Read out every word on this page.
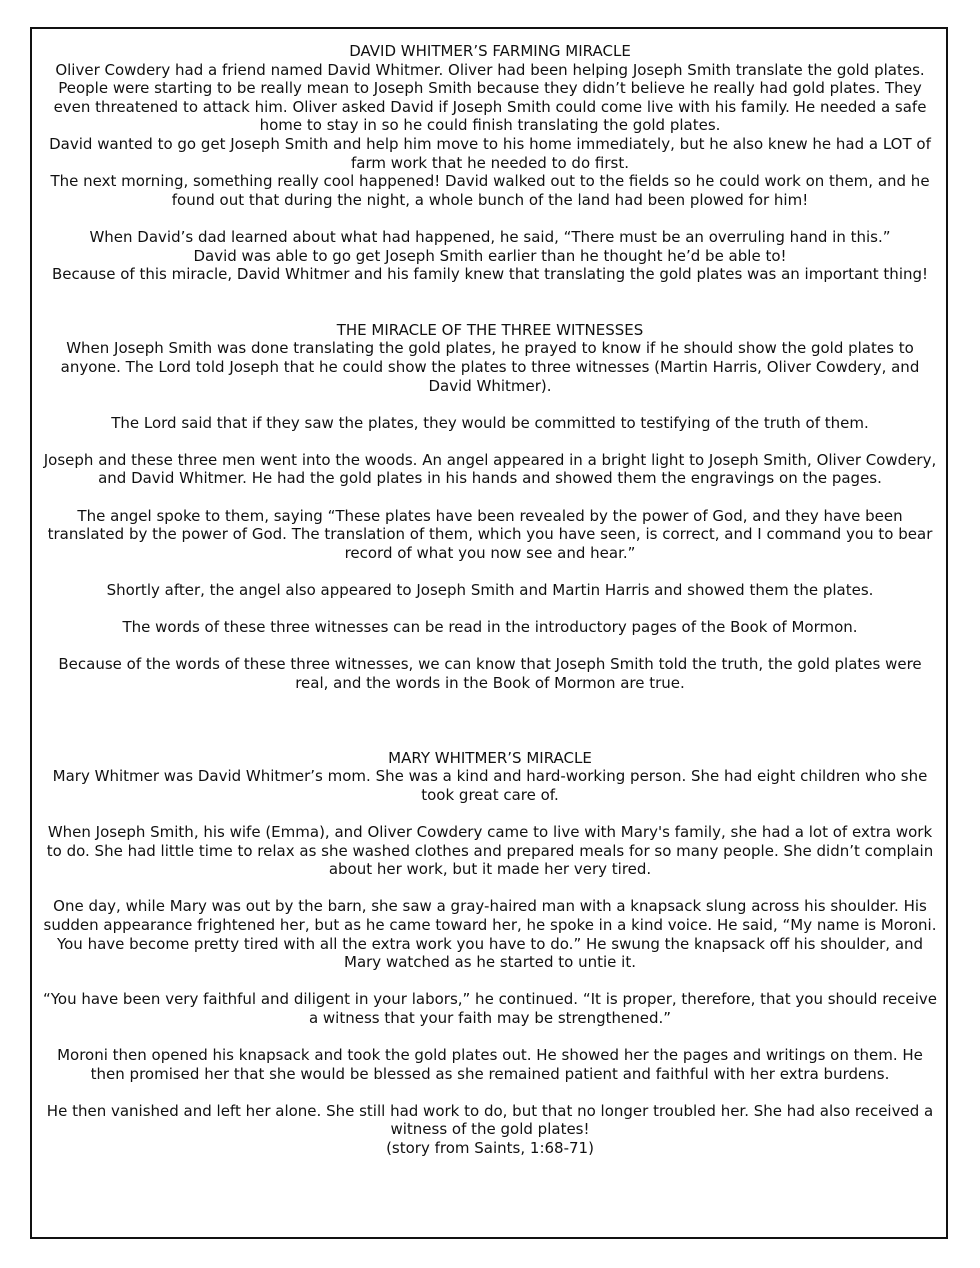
DAVID WHITMER’S FARMING MIRACLE

Oliver Cowdery had a friend named David Whitmer. Oliver had been helping Joseph Smith translate the gold plates. People were starting to be really mean to Joseph Smith because they didn’t believe he really had gold plates. They even threatened to attack him. Oliver asked David if Joseph Smith could come live with his family. He needed a safe home to stay in so he could finish translating the gold plates.

David wanted to go get Joseph Smith and help him move to his home immediately, but he also knew he had a LOT of farm work that he needed to do first.

The next morning, something really cool happened! David walked out to the fields so he could work on them, and he found out that during the night, a whole bunch of the land had been plowed for him!

When David’s dad learned about what had happened, he said, “There must be an overruling hand in this.”

David was able to go get Joseph Smith earlier than he thought he’d be able to!

Because of this miracle, David Whitmer and his family knew that translating the gold plates was an important thing!

THE MIRACLE OF THE THREE WITNESSES

When Joseph Smith was done translating the gold plates, he prayed to know if he should show the gold plates to anyone. The Lord told Joseph that he could show the plates to three witnesses (Martin Harris, Oliver Cowdery, and David Whitmer).

The Lord said that if they saw the plates, they would be committed to testifying of the truth of them.

Joseph and these three men went into the woods. An angel appeared in a bright light to Joseph Smith, Oliver Cowdery, and David Whitmer. He had the gold plates in his hands and showed them the engravings on the pages.

The angel spoke to them, saying “These plates have been revealed by the power of God, and they have been translated by the power of God. The translation of them, which you have seen, is correct, and I command you to bear record of what you now see and hear.”

Shortly after, the angel also appeared to Joseph Smith and Martin Harris and showed them the plates.

The words of these three witnesses can be read in the introductory pages of the Book of Mormon.

Because of the words of these three witnesses, we can know that Joseph Smith told the truth, the gold plates were real, and the words in the Book of Mormon are true.

MARY WHITMER’S MIRACLE

Mary Whitmer was David Whitmer’s mom. She was a kind and hard-working person. She had eight children who she took great care of.

When Joseph Smith, his wife (Emma), and Oliver Cowdery came to live with Mary's family, she had a lot of extra work to do. She had little time to relax as she washed clothes and prepared meals for so many people. She didn’t complain about her work, but it made her very tired.

One day, while Mary was out by the barn, she saw a gray-haired man with a knapsack slung across his shoulder. His sudden appearance frightened her, but as he came toward her, he spoke in a kind voice. He said, “My name is Moroni. You have become pretty tired with all the extra work you have to do.” He swung the knapsack off his shoulder, and Mary watched as he started to untie it.

“You have been very faithful and diligent in your labors,” he continued. “It is proper, therefore, that you should receive a witness that your faith may be strengthened.”

Moroni then opened his knapsack and took the gold plates out. He showed her the pages and writings on them. He then promised her that she would be blessed as she remained patient and faithful with her extra burdens.

He then vanished and left her alone. She still had work to do, but that no longer troubled her. She had also received a witness of the gold plates!

(story from Saints, 1:68-71)
